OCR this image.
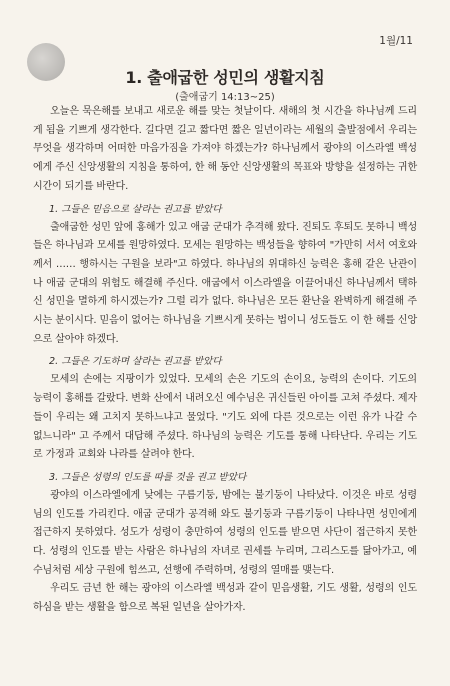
1월/11
1. 출애굽한 성민의 생활지침
(출애굽기 14:13~25)

오늘은 묵은해를 보내고 새로운 해를 맞는 첫날이다. 새해의 첫 시간을 하나님께 드리게 됨을 기쁘게 생각한다. 길다면 길고 짧다면 짧은 일년이라는 세월의 출발점에서 우리는 무엇을 생각하며 어떠한 마음가짐을 가져야 하겠는가? 하나님께서 광야의 이스라엘 백성에게 주신 신앙생활의 지침을 통하여, 한 해 동안 신앙생활의 목표와 방향을 설정하는 귀한 시간이 되기를 바란다.

1. 그들은 믿음으로 살라는 권고를 받았다

출애굽한 성민 앞에 홍해가 있고 애굽 군대가 추격해 왔다. 진퇴도 후퇴도 못하니 백성들은 하나님과 모세를 원망하였다. 모세는 원망하는 백성들을 향하여 "가만히 서서 여호와께서 …… 행하시는 구원을 보라"고 하였다. 하나님의 위대하신 능력은 홍해 같은 난관이나 애굽 군대의 위험도 해결해 주신다. 애굽에서 이스라엘을 이끌어내신 하나님께서 택하신 성민을 멸하게 하시겠는가? 그럴 리가 없다. 하나님은 모든 환난을 완벽하게 해결해 주시는 분이시다. 믿음이 없어는 하나님을 기쁘시게 못하는 법이니 성도들도 이 한 해를 신앙으로 살아야 하겠다.

2. 그들은 기도하며 살라는 권고를 받았다

모세의 손에는 지팡이가 있었다. 모세의 손은 기도의 손이요, 능력의 손이다. 기도의 능력이 홍해를 갈랐다. 변화 산에서 내려오신 예수님은 귀신들린 아이를 고쳐 주셨다. 제자들이 우리는 왜 고치지 못하느냐고 물었다. "기도 외에 다른 것으로는 이런 유가 나갈 수 없느니라" 고 주께서 대답해 주셨다. 하나님의 능력은 기도를 통해 나타난다. 우리는 기도로 가정과 교회와 나라를 살려야 한다.

3. 그들은 성령의 인도를 따를 것을 권고 받았다

광야의 이스라엘에게 낮에는 구름기둥, 밤에는 불기둥이 나타났다. 이것은 바로 성령님의 인도를 가리킨다. 애굽 군대가 공격해 와도 불기둥과 구름기둥이 나타나면 성민에게 접근하지 못하였다. 성도가 성령이 충만하여 성령의 인도를 받으면 사단이 접근하지 못한다. 성령의 인도를 받는 사람은 하나님의 자녀로 권세를 누리며, 그리스도를 닮아가고, 예수님처럼 세상 구원에 힘쓰고, 선행에 주력하며, 성령의 열매를 맺는다.

우리도 금년 한 해는 광야의 이스라엘 백성과 같이 믿음생활, 기도 생활, 성령의 인도하심을 받는 생활을 함으로 복된 일년을 살아가자.
